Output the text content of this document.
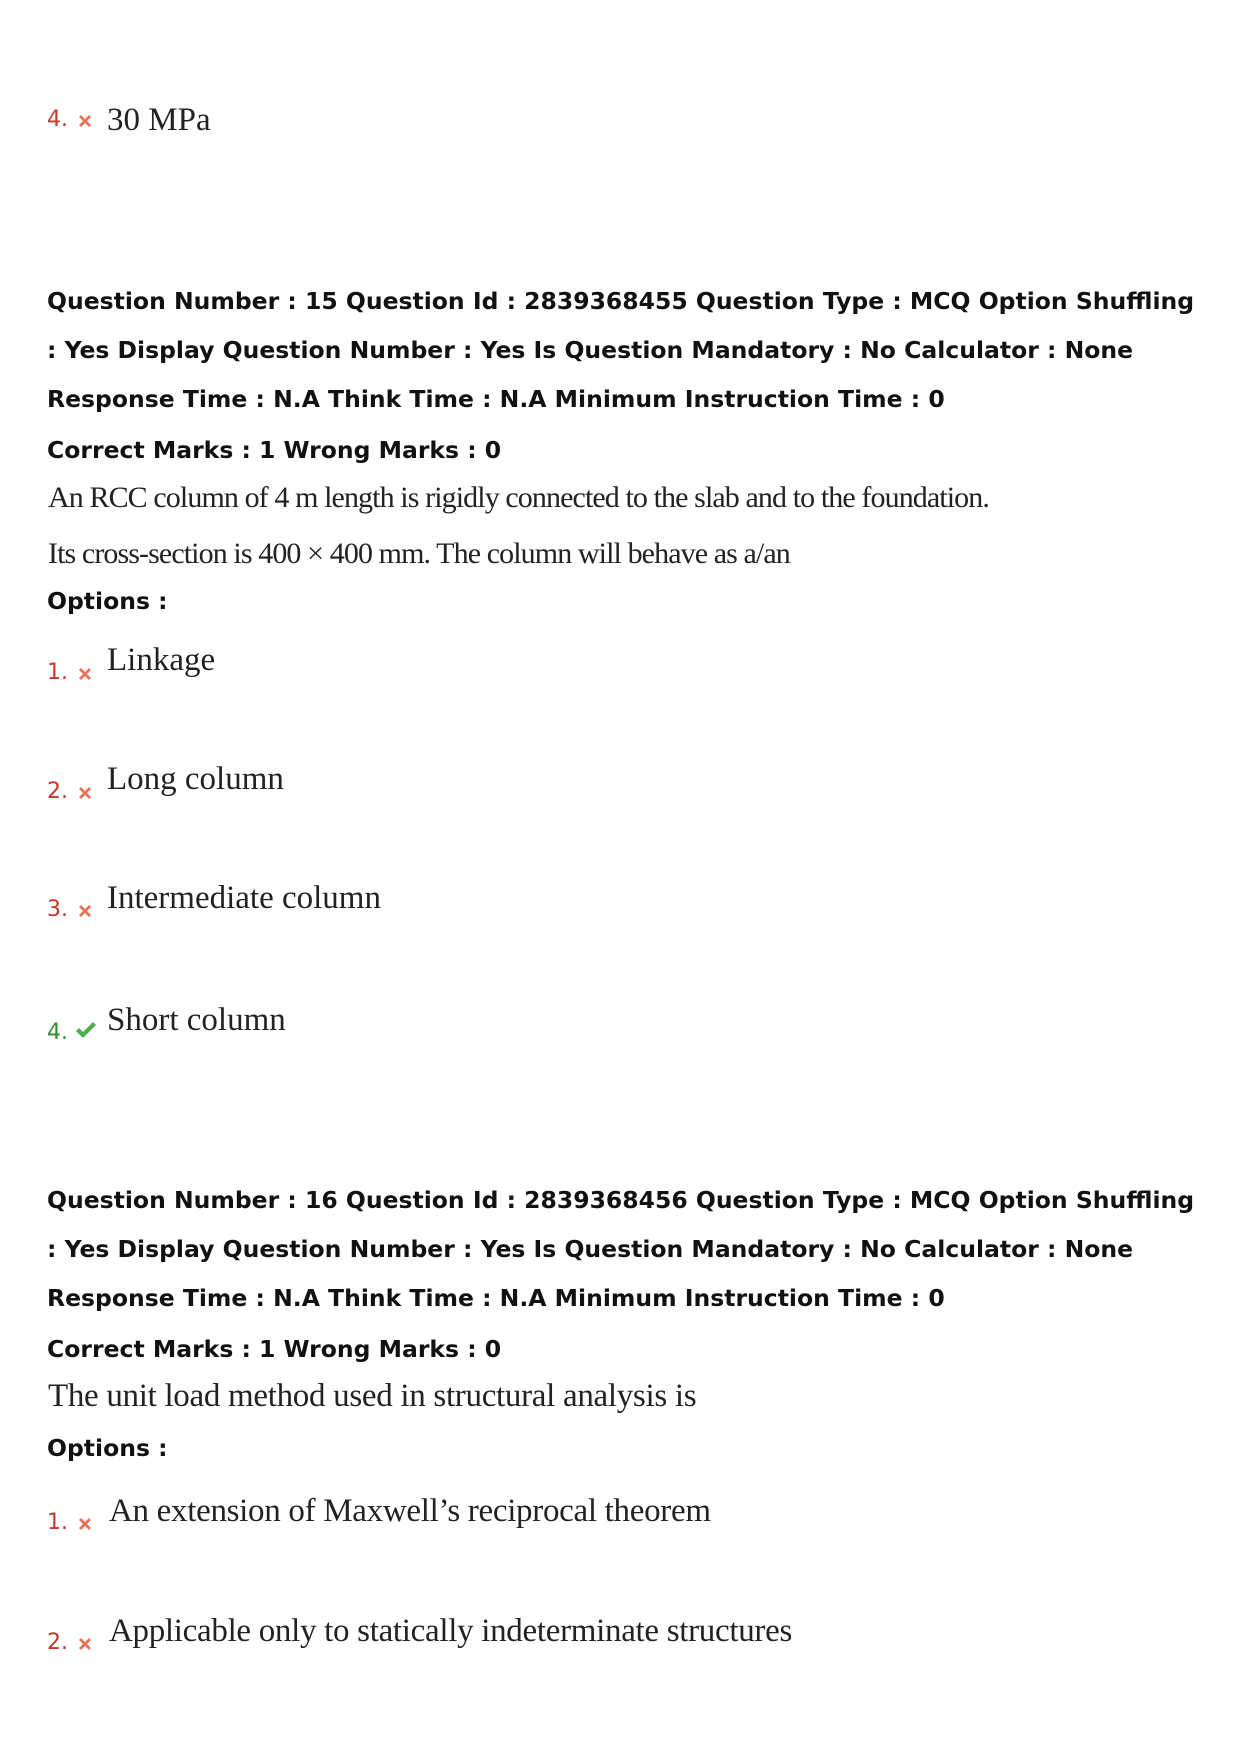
4. 30 MPa
Question Number : 15 Question Id : 2839368455 Question Type : MCQ Option Shuffling : Yes Display Question Number : Yes Is Question Mandatory : No Calculator : None Response Time : N.A Think Time : N.A Minimum Instruction Time : 0
Correct Marks : 1 Wrong Marks : 0
An RCC column of 4 m length is rigidly connected to the slab and to the foundation.
Its cross-section is 400 × 400 mm. The column will behave as a/an
Options :
1. Linkage
2. Long column
3. Intermediate column
4. Short column
Question Number : 16 Question Id : 2839368456 Question Type : MCQ Option Shuffling : Yes Display Question Number : Yes Is Question Mandatory : No Calculator : None Response Time : N.A Think Time : N.A Minimum Instruction Time : 0
Correct Marks : 1 Wrong Marks : 0
The unit load method used in structural analysis is
Options :
1. An extension of Maxwell’s reciprocal theorem
2. Applicable only to statically indeterminate structures
